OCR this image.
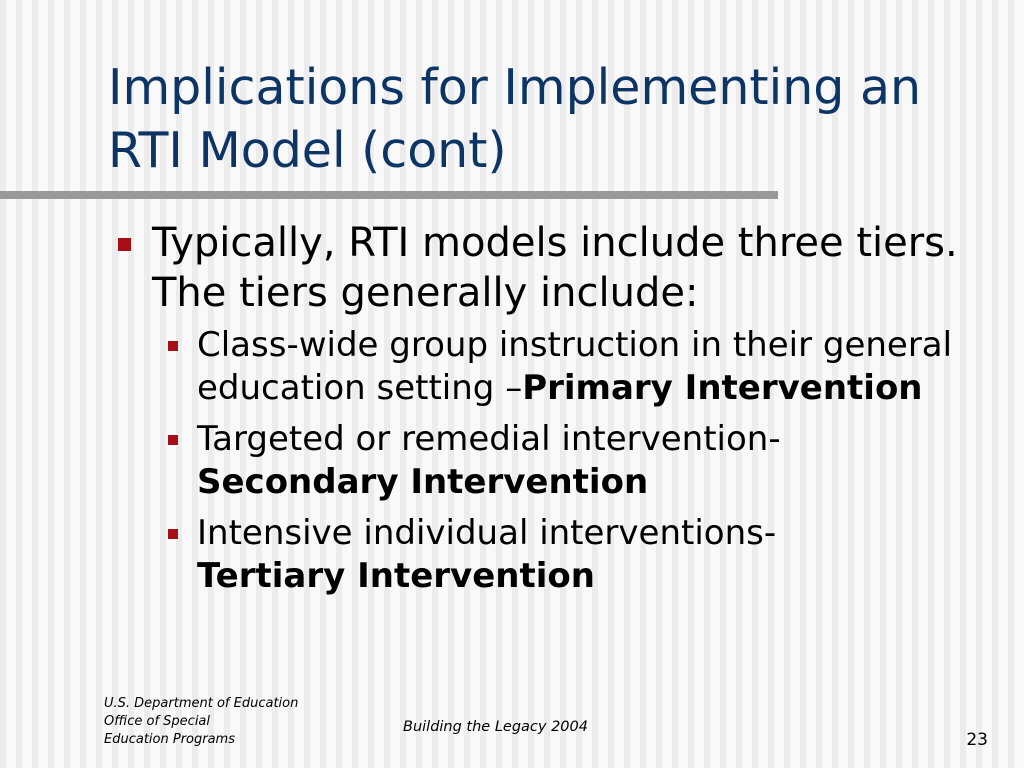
Implications for Implementing an
RTI Model (cont)
Typically, RTI models include three tiers. The tiers generally include:
Class-wide group instruction in their general education setting –Primary Intervention
Targeted or remedial intervention-
Secondary Intervention
Intensive individual interventions-
Tertiary Intervention
U.S. Department of Education
Office of Special
Education Programs
Building the Legacy 2004
23
